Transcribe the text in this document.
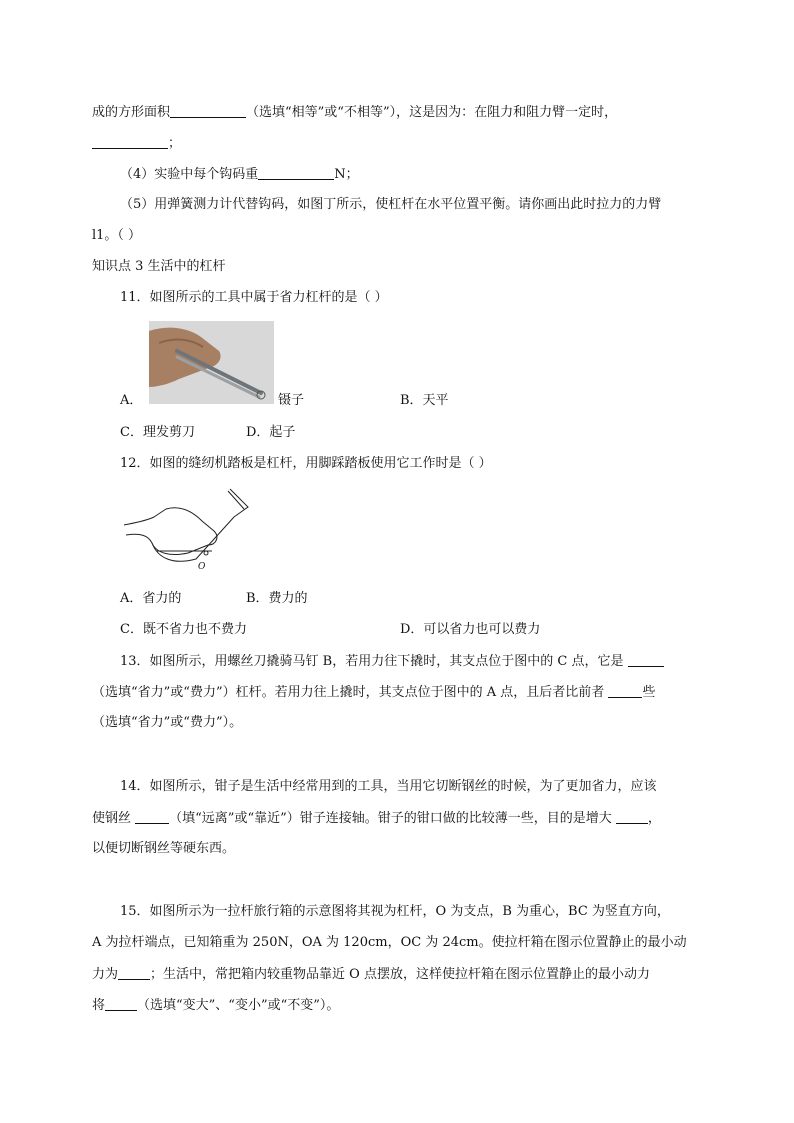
成的方形面积	（选填“相等”或“不相等”），这是因为：在阻力和阻力臂一定时，
；
（4）实验中每个钩码重	N；
（5）用弹簧测力计代替钩码，如图丁所示，使杠杆在水平位置平衡。请你画出此时拉力的力臂
l1。（ ）
知识点 3 生活中的杠杆
11．如图所示的工具中属于省力杠杆的是（ ）
A．	镊子	B．天平
C．理发剪刀	D．起子
12．如图的缝纫机踏板是杠杆，用脚踩踏板使用它工作时是（ ）
O
A．省力的	B．费力的
C．既不省力也不费力	D．可以省力也可以费力
13．如图所示，用螺丝刀撬骑马钉 B，若用力往下撬时，其支点位于图中的 C 点，它是
（选填“省力”或“费力”）杠杆。若用力往上撬时，其支点位于图中的 A 点，且后者比前者	些
（选填“省力”或“费力”）。
14．如图所示，钳子是生活中经常用到的工具，当用它切断钢丝的时候，为了更加省力，应该
使钢丝	（填“远离”或“靠近”）钳子连接轴。钳子的钳口做的比较薄一些，目的是增大	，
以便切断钢丝等硬东西。
15．如图所示为一拉杆旅行箱的示意图将其视为杠杆，O 为支点，B 为重心，BC 为竖直方向，
A 为拉杆端点，已知箱重为 250N，OA 为 120cm，OC 为 24cm。使拉杆箱在图示位置静止的最小动
力为 ；生活中，常把箱内较重物品靠近 O 点摆放，这样使拉杆箱在图示位置静止的最小动力
将 （选填“变大”、“变小”或“不变”）。
